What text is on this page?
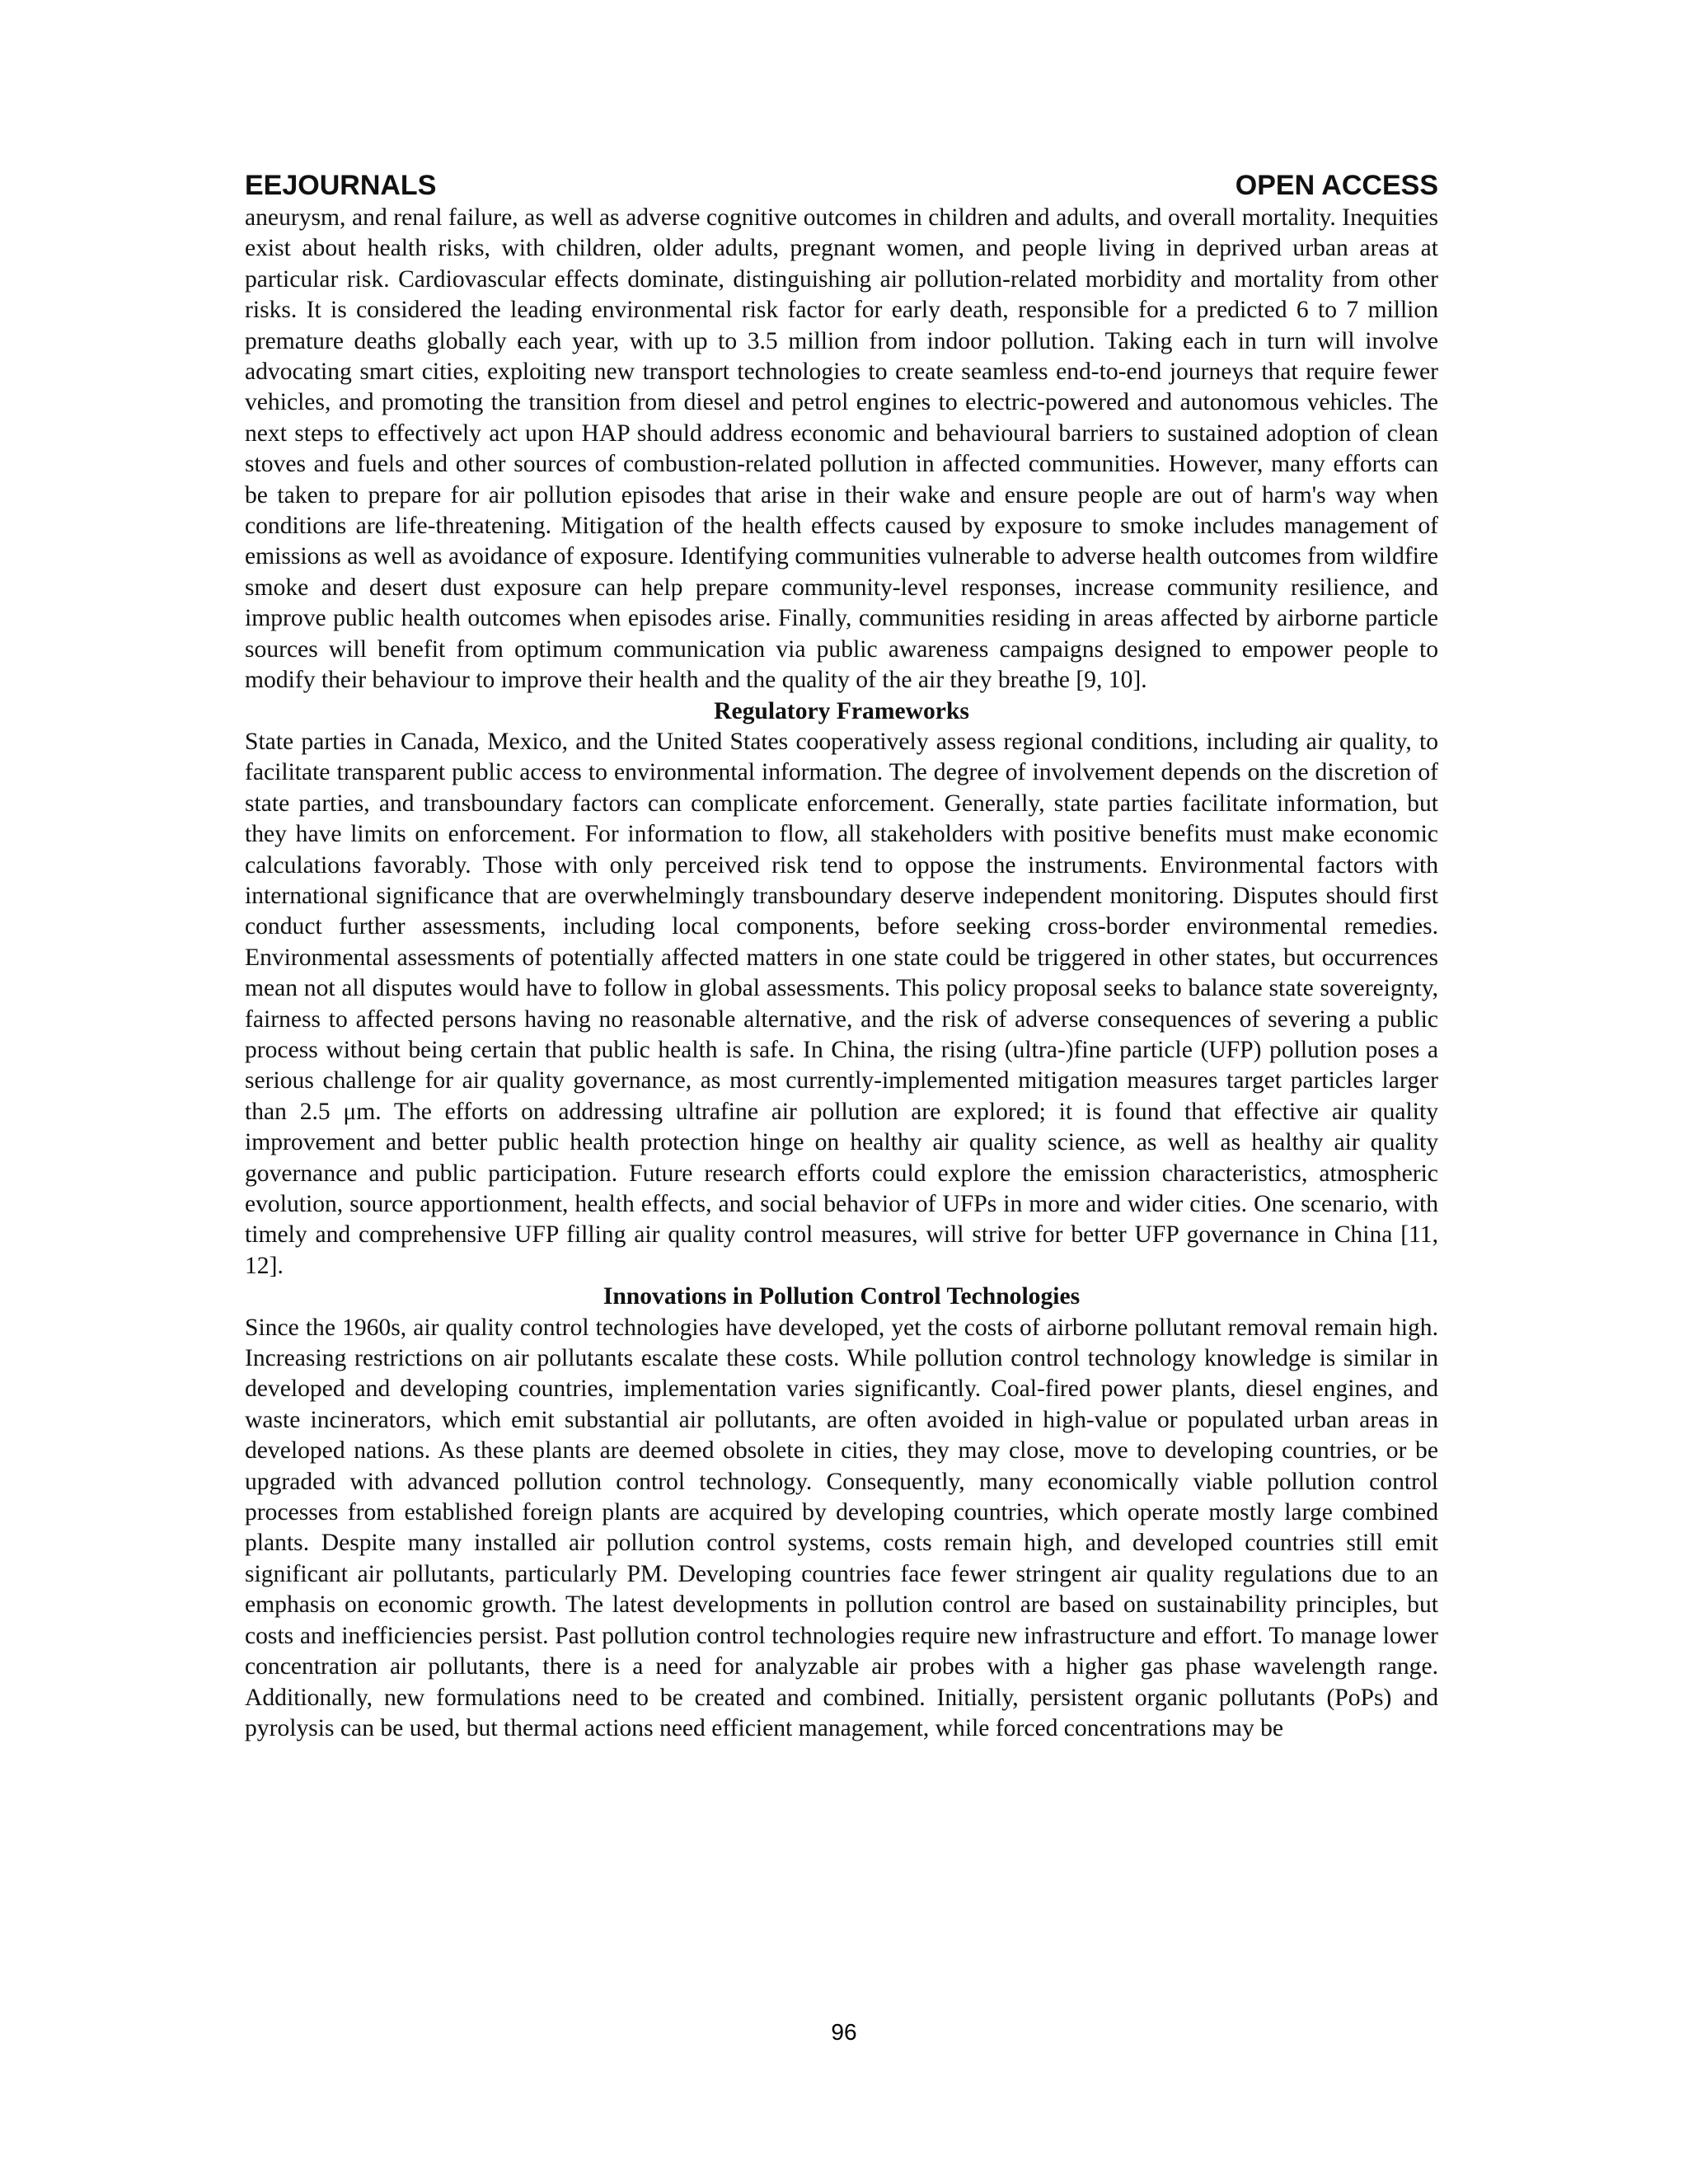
EEJOURNALS	OPEN ACCESS

aneurysm, and renal failure, as well as adverse cognitive outcomes in children and adults, and overall mortality. Inequities exist about health risks, with children, older adults, pregnant women, and people living in deprived urban areas at particular risk. Cardiovascular effects dominate, distinguishing air pollution-related morbidity and mortality from other risks. It is considered the leading environmental risk factor for early death, responsible for a predicted 6 to 7 million premature deaths globally each year, with up to 3.5 million from indoor pollution. Taking each in turn will involve advocating smart cities, exploiting new transport technologies to create seamless end-to-end journeys that require fewer vehicles, and promoting the transition from diesel and petrol engines to electric-powered and autonomous vehicles. The next steps to effectively act upon HAP should address economic and behavioural barriers to sustained adoption of clean stoves and fuels and other sources of combustion-related pollution in affected communities. However, many efforts can be taken to prepare for air pollution episodes that arise in their wake and ensure people are out of harm's way when conditions are life-threatening. Mitigation of the health effects caused by exposure to smoke includes management of emissions as well as avoidance of exposure. Identifying communities vulnerable to adverse health outcomes from wildfire smoke and desert dust exposure can help prepare community-level responses, increase community resilience, and improve public health outcomes when episodes arise. Finally, communities residing in areas affected by airborne particle sources will benefit from optimum communication via public awareness campaigns designed to empower people to modify their behaviour to improve their health and the quality of the air they breathe [9, 10].

Regulatory Frameworks

State parties in Canada, Mexico, and the United States cooperatively assess regional conditions, including air quality, to facilitate transparent public access to environmental information. The degree of involvement depends on the discretion of state parties, and transboundary factors can complicate enforcement. Generally, state parties facilitate information, but they have limits on enforcement. For information to flow, all stakeholders with positive benefits must make economic calculations favorably. Those with only perceived risk tend to oppose the instruments. Environmental factors with international significance that are overwhelmingly transboundary deserve independent monitoring. Disputes should first conduct further assessments, including local components, before seeking cross-border environmental remedies. Environmental assessments of potentially affected matters in one state could be triggered in other states, but occurrences mean not all disputes would have to follow in global assessments. This policy proposal seeks to balance state sovereignty, fairness to affected persons having no reasonable alternative, and the risk of adverse consequences of severing a public process without being certain that public health is safe. In China, the rising (ultra-)fine particle (UFP) pollution poses a serious challenge for air quality governance, as most currently-implemented mitigation measures target particles larger than 2.5 μm. The efforts on addressing ultrafine air pollution are explored; it is found that effective air quality improvement and better public health protection hinge on healthy air quality science, as well as healthy air quality governance and public participation. Future research efforts could explore the emission characteristics, atmospheric evolution, source apportionment, health effects, and social behavior of UFPs in more and wider cities. One scenario, with timely and comprehensive UFP filling air quality control measures, will strive for better UFP governance in China [11, 12].

Innovations in Pollution Control Technologies

Since the 1960s, air quality control technologies have developed, yet the costs of airborne pollutant removal remain high. Increasing restrictions on air pollutants escalate these costs. While pollution control technology knowledge is similar in developed and developing countries, implementation varies significantly. Coal-fired power plants, diesel engines, and waste incinerators, which emit substantial air pollutants, are often avoided in high-value or populated urban areas in developed nations. As these plants are deemed obsolete in cities, they may close, move to developing countries, or be upgraded with advanced pollution control technology. Consequently, many economically viable pollution control processes from established foreign plants are acquired by developing countries, which operate mostly large combined plants. Despite many installed air pollution control systems, costs remain high, and developed countries still emit significant air pollutants, particularly PM. Developing countries face fewer stringent air quality regulations due to an emphasis on economic growth. The latest developments in pollution control are based on sustainability principles, but costs and inefficiencies persist. Past pollution control technologies require new infrastructure and effort. To manage lower concentration air pollutants, there is a need for analyzable air probes with a higher gas phase wavelength range. Additionally, new formulations need to be created and combined. Initially, persistent organic pollutants (PoPs) and pyrolysis can be used, but thermal actions need efficient management, while forced concentrations may be

96
